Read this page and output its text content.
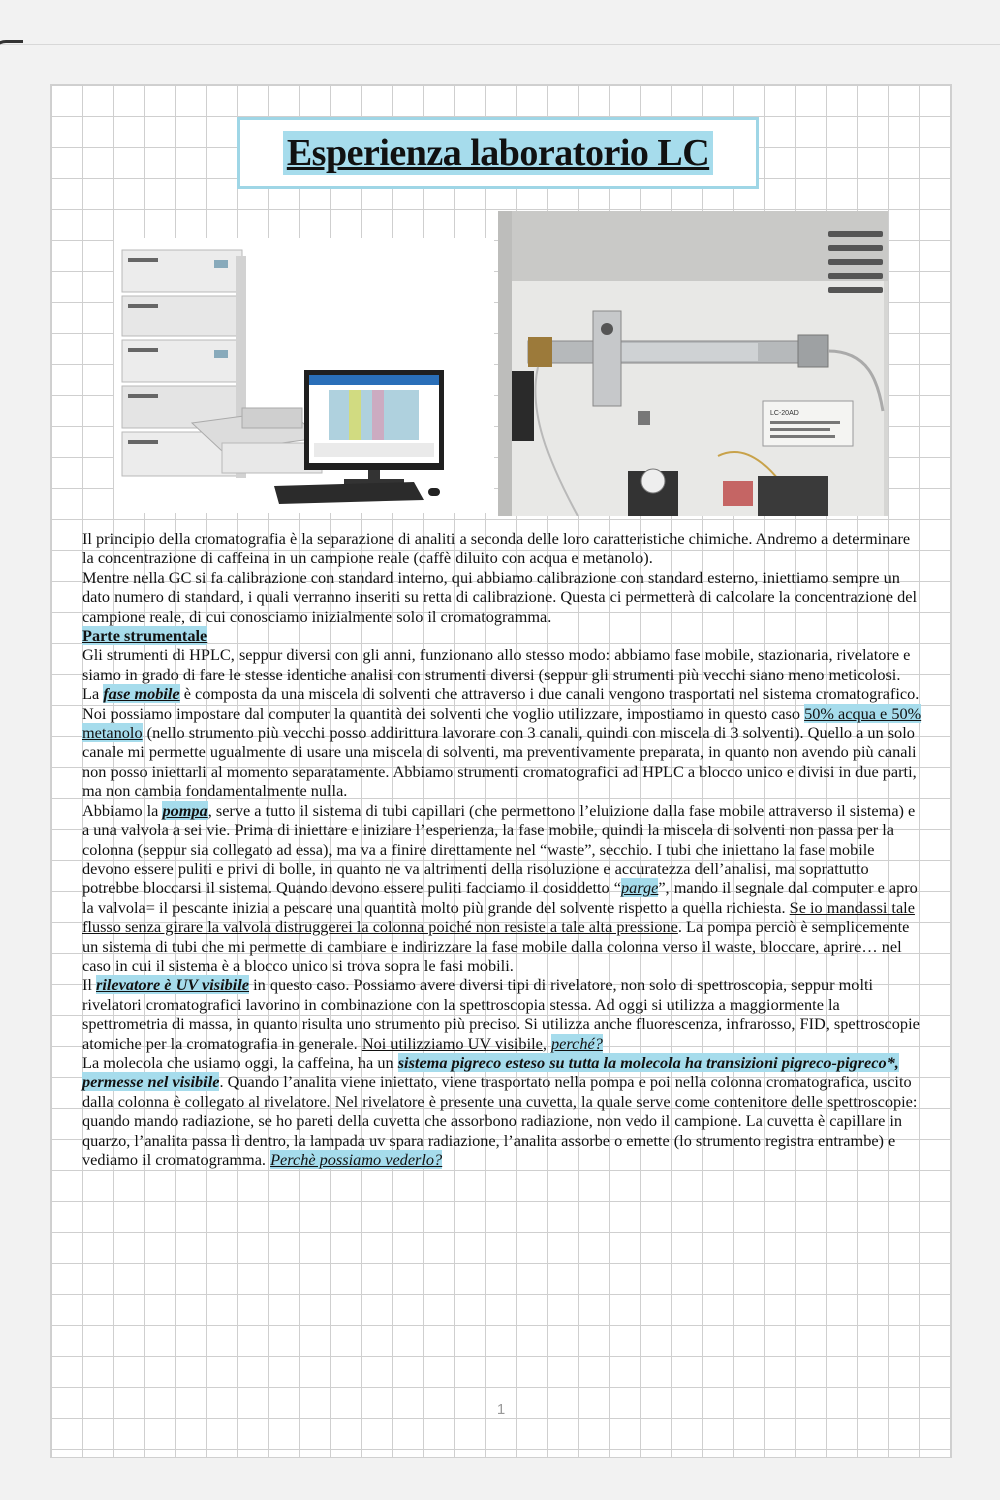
Esperienza laboratorio LC
LC-20AD

Il principio della cromatografia è la separazione di analiti a seconda delle loro caratteristiche chimiche. Andremo a determinare la concentrazione di caffeina in un campione reale (caffè diluito con acqua e metanolo).

Mentre nella GC si fa calibrazione con standard interno, qui abbiamo calibrazione con standard esterno, iniettiamo sempre un dato numero di standard, i quali verranno inseriti su retta di calibrazione. Questa ci permetterà di calcolare la concentrazione del campione reale, di cui conosciamo inizialmente solo il cromatogramma.

Parte strumentale

Gli strumenti di HPLC, seppur diversi con gli anni, funzionano allo stesso modo: abbiamo fase mobile, stazionaria, rivelatore e siamo in grado di fare le stesse identiche analisi con strumenti diversi (seppur gli strumenti più vecchi siano meno meticolosi.

La fase mobile è composta da una miscela di solventi che attraverso i due canali vengono trasportati nel sistema cromatografico. Noi possiamo impostare dal computer la quantità dei solventi che voglio utilizzare, impostiamo in questo caso 50% acqua e 50% metanolo (nello strumento più vecchi posso addirittura lavorare con 3 canali, quindi con miscela di 3 solventi). Quello a un solo canale mi permette ugualmente di usare una miscela di solventi, ma preventivamente preparata, in quanto non avendo più canali non posso iniettarli al momento separatamente. Abbiamo strumenti cromatografici ad HPLC a blocco unico e divisi in due parti, ma non cambia fondamentalmente nulla.

Abbiamo la pompa, serve a tutto il sistema di tubi capillari (che permettono l’eluizione dalla fase mobile attraverso il sistema) e a una valvola a sei vie. Prima di iniettare e iniziare l’esperienza, la fase mobile, quindi la miscela di solventi non passa per la colonna (seppur sia collegato ad essa), ma va a finire direttamente nel “waste”, secchio. I tubi che iniettano la fase mobile devono essere puliti e privi di bolle, in quanto ne va altrimenti della risoluzione e accuratezza dell’analisi, ma soprattutto potrebbe bloccarsi il sistema. Quando devono essere puliti facciamo il cosiddetto “parge”, mando il segnale dal computer e apro la valvola= il pescante inizia a pescare una quantità molto più grande del solvente rispetto a quella richiesta. Se io mandassi tale flusso senza girare la valvola distruggerei la colonna poiché non resiste a tale alta pressione. La pompa perciò è semplicemente un sistema di tubi che mi permette di cambiare e indirizzare la fase mobile dalla colonna verso il waste, bloccare, aprire… nel caso in cui il sistema è a blocco unico si trova sopra le fasi mobili.

Il rilevatore è UV visibile in questo caso. Possiamo avere diversi tipi di rivelatore, non solo di spettroscopia, seppur molti rivelatori cromatografici lavorino in combinazione con la spettroscopia stessa. Ad oggi si utilizza a maggiormente la spettrometria di massa, in quanto risulta uno strumento più preciso. Si utilizza anche fluorescenza, infrarosso, FID, spettroscopie atomiche per la cromatografia in generale. Noi utilizziamo UV visibile, perché?

La molecola che usiamo oggi, la caffeina, ha un sistema pigreco esteso su tutta la molecola ha transizioni pigreco-pigreco*, permesse nel visibile. Quando l’analita viene iniettato, viene trasportato nella pompa e poi nella colonna cromatografica, uscito dalla colonna è collegato al rivelatore. Nel rivelatore è presente una cuvetta, la quale serve come contenitore delle spettroscopie: quando mando radiazione, se ho pareti della cuvetta che assorbono radiazione, non vedo il campione. La cuvetta è capillare in quarzo, l’analita passa lì dentro, la lampada uv spara radiazione, l’analita assorbe o emette (lo strumento registra entrambe) e vediamo il cromatogramma. Perchè possiamo vederlo?

1
